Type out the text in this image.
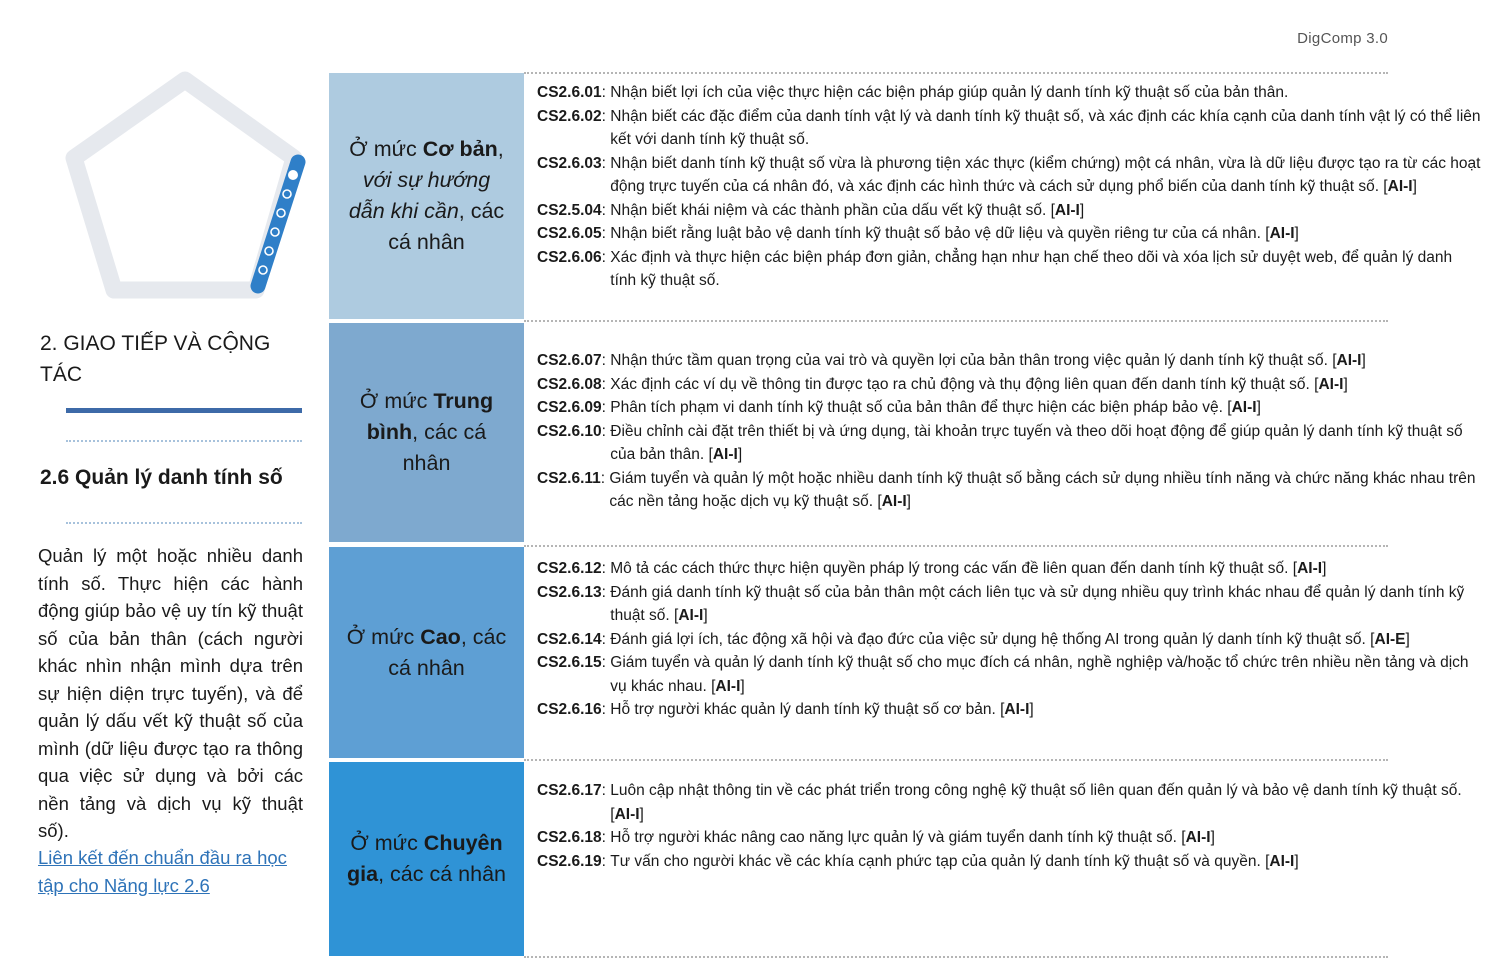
DigComp 3.0
2. GIAO TIẾP VÀ CỘNG TÁC
2.6 Quản lý danh tính số
Quản lý một hoặc nhiều danh tính số. Thực hiện các hành động giúp bảo vệ uy tín kỹ thuật số của bản thân (cách người khác nhìn nhận mình dựa trên sự hiện diện trực tuyến), và để quản lý dấu vết kỹ thuật số của mình (dữ liệu được tạo ra thông qua việc sử dụng và bởi các nền tảng và dịch vụ kỹ thuật số).
Liên kết đến chuẩn đầu ra học tập cho Năng lực 2.6
Ở mức Cơ bản, với sự hướng dẫn khi cần, các cá nhân
Ở mức Trung bình, các cá nhân
Ở mức Cao, các cá nhân
Ở mức Chuyên gia, các cá nhân
CS2.6.01 : Nhận biết lợi ích của việc thực hiện các biện pháp giúp quản lý danh tính kỹ thuật số của bản thân.
CS2.6.02 : Nhận biết các đặc điểm của danh tính vật lý và danh tính kỹ thuật số, và xác định các khía cạnh của danh tính vật lý có thể liên kết với danh tính kỹ thuật số.
CS2.6.03 : Nhận biết danh tính kỹ thuật số vừa là phương tiện xác thực (kiểm chứng) một cá nhân, vừa là dữ liệu được tạo ra từ các hoạt động trực tuyến của cá nhân đó, và xác định các hình thức và cách sử dụng phổ biến của danh tính kỹ thuật số. [AI-I]
CS2.5.04 : Nhận biết khái niệm và các thành phần của dấu vết kỹ thuật số. [AI-I]
CS2.6.05 : Nhận biết rằng luật bảo vệ danh tính kỹ thuật số bảo vệ dữ liệu và quyền riêng tư của cá nhân. [AI-I]
CS2.6.06 : Xác định và thực hiện các biện pháp đơn giản, chẳng hạn như hạn chế theo dõi và xóa lịch sử duyệt web, để quản lý danh tính kỹ thuật số.
CS2.6.07 : Nhận thức tầm quan trọng của vai trò và quyền lợi của bản thân trong việc quản lý danh tính kỹ thuật số. [AI-I]
CS2.6.08 : Xác định các ví dụ về thông tin được tạo ra chủ động và thụ động liên quan đến danh tính kỹ thuật số. [AI-I]
CS2.6.09 : Phân tích phạm vi danh tính kỹ thuật số của bản thân để thực hiện các biện pháp bảo vệ. [AI-I]
CS2.6.10 : Điều chỉnh cài đặt trên thiết bị và ứng dụng, tài khoản trực tuyến và theo dõi hoạt động để giúp quản lý danh tính kỹ thuật số của bản thân. [AI-I]
CS2.6.11 : Giám tuyển và quản lý một hoặc nhiều danh tính kỹ thuật số bằng cách sử dụng nhiều tính năng và chức năng khác nhau trên các nền tảng hoặc dịch vụ kỹ thuật số. [AI-I]
CS2.6.12 : Mô tả các cách thức thực hiện quyền pháp lý trong các vấn đề liên quan đến danh tính kỹ thuật số. [AI-I]
CS2.6.13 : Đánh giá danh tính kỹ thuật số của bản thân một cách liên tục và sử dụng nhiều quy trình khác nhau để quản lý danh tính kỹ thuật số. [AI-I]
CS2.6.14 : Đánh giá lợi ích, tác động xã hội và đạo đức của việc sử dụng hệ thống AI trong quản lý danh tính kỹ thuật số. [AI-E]
CS2.6.15 : Giám tuyển và quản lý danh tính kỹ thuật số cho mục đích cá nhân, nghề nghiệp và/hoặc tổ chức trên nhiều nền tảng và dịch vụ khác nhau. [AI-I]
CS2.6.16 : Hỗ trợ người khác quản lý danh tính kỹ thuật số cơ bản. [AI-I]
CS2.6.17 : Luôn cập nhật thông tin về các phát triển trong công nghệ kỹ thuật số liên quan đến quản lý và bảo vệ danh tính kỹ thuật số. [AI-I]
CS2.6.18 : Hỗ trợ người khác nâng cao năng lực quản lý và giám tuyển danh tính kỹ thuật số. [AI-I]
CS2.6.19 : Tư vấn cho người khác về các khía cạnh phức tạp của quản lý danh tính kỹ thuật số và quyền. [AI-I]
